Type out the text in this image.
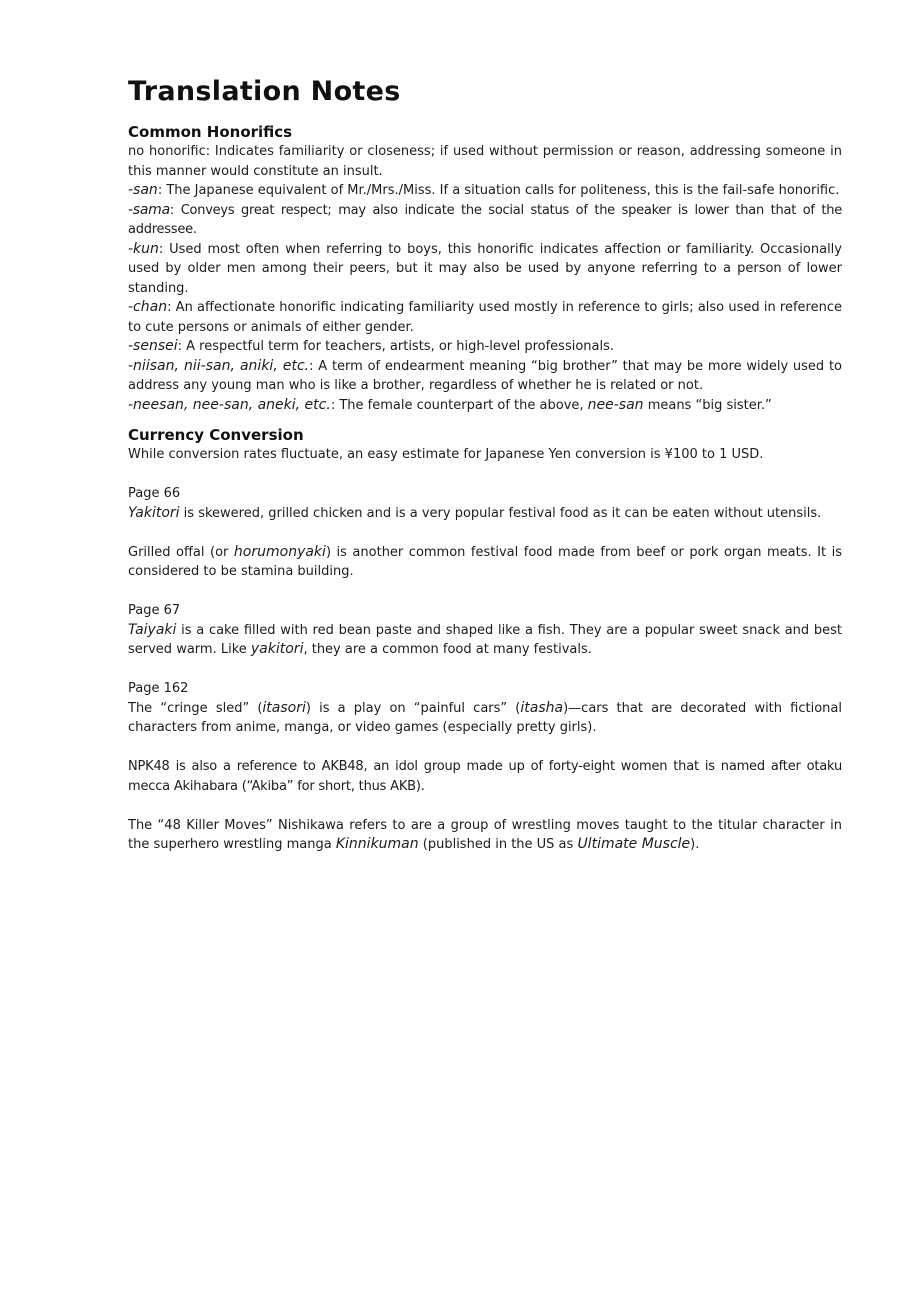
Translation Notes
Common Honorifics

no honorific: Indicates familiarity or closeness; if used without permission or reason, addressing someone in this manner would constitute an insult.

-san: The Japanese equivalent of Mr./Mrs./Miss. If a situation calls for politeness, this is the fail-safe honorific.

-sama: Conveys great respect; may also indicate the social status of the speaker is lower than that of the addressee.

-kun: Used most often when referring to boys, this honorific indicates affection or familiarity. Occasionally used by older men among their peers, but it may also be used by anyone referring to a person of lower standing.

-chan: An affectionate honorific indicating familiarity used mostly in reference to girls; also used in reference to cute persons or animals of either gender.

-sensei: A respectful term for teachers, artists, or high-level professionals.

-niisan, nii-san, aniki, etc.: A term of endearment meaning “big brother” that may be more widely used to address any young man who is like a brother, regardless of whether he is related or not.

-neesan, nee-san, aneki, etc.: The female counterpart of the above, nee-san means “big sister.”

Currency Conversion

While conversion rates fluctuate, an easy estimate for Japanese Yen conversion is ¥100 to 1 USD.

Page 66

Yakitori is skewered, grilled chicken and is a very popular festival food as it can be eaten without utensils.

Grilled offal (or horumonyaki) is another common festival food made from beef or pork organ meats. It is considered to be stamina building.

Page 67

Taiyaki is a cake filled with red bean paste and shaped like a fish. They are a popular sweet snack and best served warm. Like yakitori, they are a common food at many festivals.

Page 162

The “cringe sled” (itasori) is a play on “painful cars” (itasha)—cars that are decorated with fictional characters from anime, manga, or video games (especially pretty girls).

NPK48 is also a reference to AKB48, an idol group made up of forty-eight women that is named after otaku mecca Akihabara (“Akiba” for short, thus AKB).

The “48 Killer Moves” Nishikawa refers to are a group of wrestling moves taught to the titular character in the superhero wrestling manga Kinnikuman (published in the US as Ultimate Muscle).
